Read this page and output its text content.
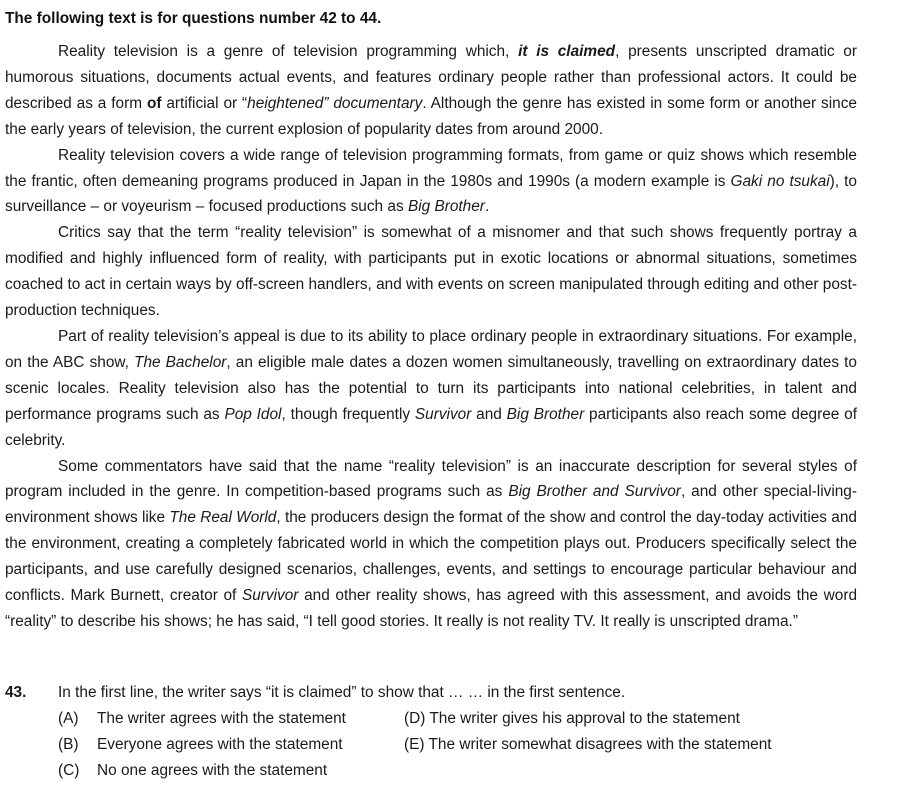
The following text is for questions number 42 to 44.

Reality television is a genre of television programming which, it is claimed, presents unscripted dramatic or humorous situations, documents actual events, and features ordinary people rather than professional actors. It could be described as a form of artificial or “heightened” documentary. Although the genre has existed in some form or another since the early years of television, the current explosion of popularity dates from around 2000.

Reality television covers a wide range of television programming formats, from game or quiz shows which resemble the frantic, often demeaning programs produced in Japan in the 1980s and 1990s (a modern example is Gaki no tsukai), to surveillance – or voyeurism – focused productions such as Big Brother.

Critics say that the term “reality television” is somewhat of a misnomer and that such shows frequently portray a modified and highly influenced form of reality, with participants put in exotic locations or abnormal situations, sometimes coached to act in certain ways by off-screen handlers, and with events on screen manipulated through editing and other post-production techniques.

Part of reality television’s appeal is due to its ability to place ordinary people in extraordinary situations. For example, on the ABC show, The Bachelor, an eligible male dates a dozen women simultaneously, travelling on extraordinary dates to scenic locales. Reality television also has the potential to turn its participants into national celebrities, in talent and performance programs such as Pop Idol, though frequently Survivor and Big Brother participants also reach some degree of celebrity.

Some commentators have said that the name “reality television” is an inaccurate description for several styles of program included in the genre. In competition-based programs such as Big Brother and Survivor, and other special-living-environment shows like The Real World, the producers design the format of the show and control the day-today activities and the environment, creating a completely fabricated world in which the competition plays out. Producers specifically select the participants, and use carefully designed scenarios, challenges, events, and settings to encourage particular behaviour and conflicts. Mark Burnett, creator of Survivor and other reality shows, has agreed with this assessment, and avoids the word “reality” to describe his shows; he has said, “I tell good stories. It really is not reality TV. It really is unscripted drama.”

43. In the first line, the writer says “it is claimed” to show that … … in the first sentence.
(A) The writer agrees with the statement	(D) The writer gives his approval to the statement
(B) Everyone agrees with the statement	(E) The writer somewhat disagrees with the statement
(C) No one agrees with the statement
